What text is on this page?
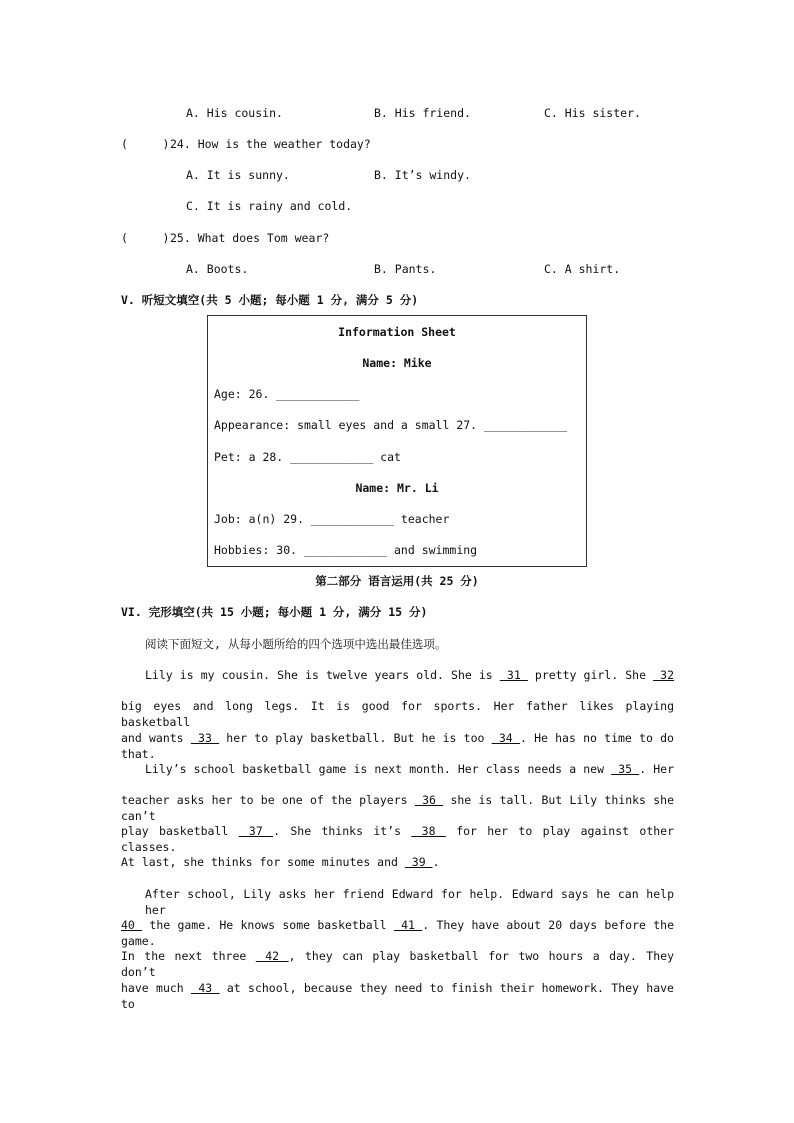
A. His cousin.	B. His friend.	C. His sister.
(     ) 24. How is the weather today?
A. It is sunny.	B. It’s windy.
C. It is rainy and cold.
(     ) 25. What does Tom wear?
A. Boots.	B. Pants.	C. A shirt.
V. 听短文填空(共 5 小题; 每小题 1 分, 满分 5 分)
Information Sheet
Name: Mike
Age: 26. ____________
Appearance: small eyes and a small 27. ____________
Pet: a 28. ____________ cat
Name: Mr. Li
Job: a(n) 29. ____________ teacher
Hobbies: 30. ____________ and swimming
第二部分 语言运用(共 25 分)
VI. 完形填空(共 15 小题; 每小题 1 分, 满分 15 分)
阅读下面短文, 从每小题所给的四个选项中选出最佳选项。
Lily is my cousin. She is twelve years old. She is  31  pretty girl. She  32
big eyes and long legs. It is good for sports. Her father likes playing basketball
and wants  33  her to play basketball. But he is too  34 . He has no time to do that.
Lily’s school basketball game is next month. Her class needs a new  35 . Her
teacher asks her to be one of the players  36  she is tall. But Lily thinks she can’t
play basketball  37 . She thinks it’s  38  for her to play against other classes.
At last, she thinks for some minutes and  39 .
After school, Lily asks her friend Edward for help. Edward says he can help her
40  the game. He knows some basketball  41 . They have about 20 days before the game.
In the next three  42 , they can play basketball for two hours a day. They don’t
have much  43  at school, because they need to finish their homework. They have to
